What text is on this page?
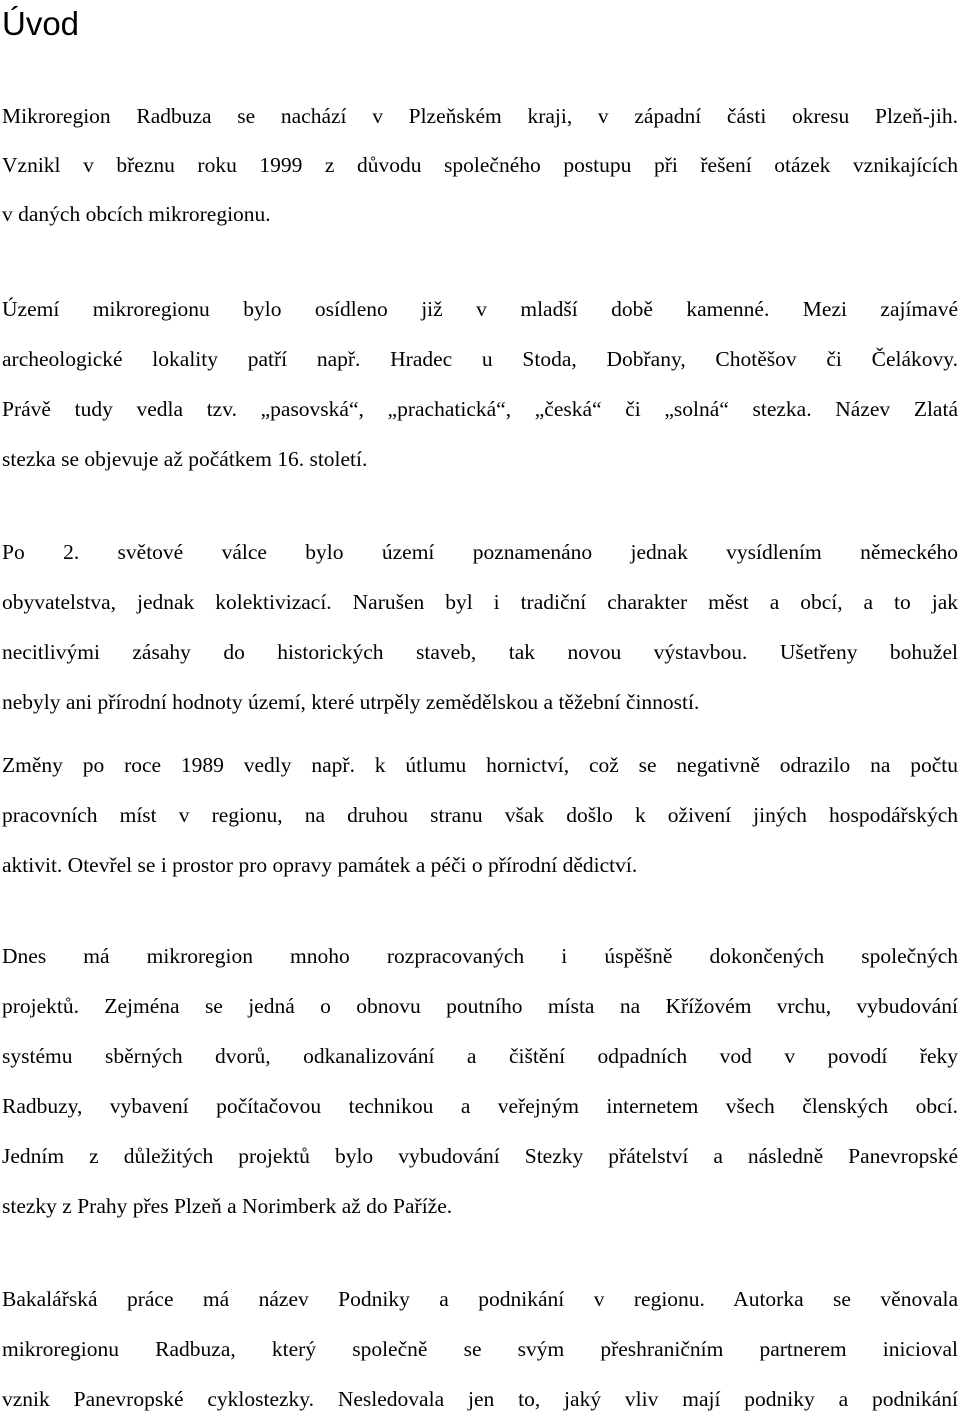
Úvod
Mikroregion Radbuza se nachází v Plzeňském kraji, v západní části okresu Plzeň-jih.
Vznikl v březnu roku 1999 z důvodu společného postupu při řešení otázek vznikajících
v daných obcích mikroregionu.
Území mikroregionu bylo osídleno již v mladší době kamenné. Mezi zajímavé
archeologické lokality patří např. Hradec u Stoda, Dobřany, Chotěšov či Čelákovy.
Právě tudy vedla tzv. „pasovská“, „prachatická“, „česká“ či „solná“ stezka. Název Zlatá
stezka se objevuje až počátkem 16. století.
Po 2. světové válce bylo území poznamenáno jednak vysídlením německého
obyvatelstva, jednak kolektivizací. Narušen byl i tradiční charakter měst a obcí, a to jak
necitlivými zásahy do historických staveb, tak novou výstavbou. Ušetřeny bohužel
nebyly ani přírodní hodnoty území, které utrpěly zemědělskou a těžební činností.
Změny po roce 1989 vedly např. k útlumu hornictví, což se negativně odrazilo na počtu
pracovních míst v regionu, na druhou stranu však došlo k oživení jiných hospodářských
aktivit. Otevřel se i prostor pro opravy památek a péči o přírodní dědictví.
Dnes má mikroregion mnoho rozpracovaných i úspěšně dokončených společných
projektů. Zejména se jedná o obnovu poutního místa na Křížovém vrchu, vybudování
systému sběrných dvorů, odkanalizování a čištění odpadních vod v povodí řeky
Radbuzy, vybavení počítačovou technikou a veřejným internetem všech členských obcí.
Jedním z důležitých projektů bylo vybudování Stezky přátelství a následně Panevropské
stezky z Prahy přes Plzeň a Norimberk až do Paříže.
Bakalářská práce má název Podniky a podnikání v regionu. Autorka se věnovala
mikroregionu Radbuza, který společně se svým přeshraničním partnerem inicioval
vznik Panevropské cyklostezky. Nesledovala jen to, jaký vliv mají podniky a podnikání
